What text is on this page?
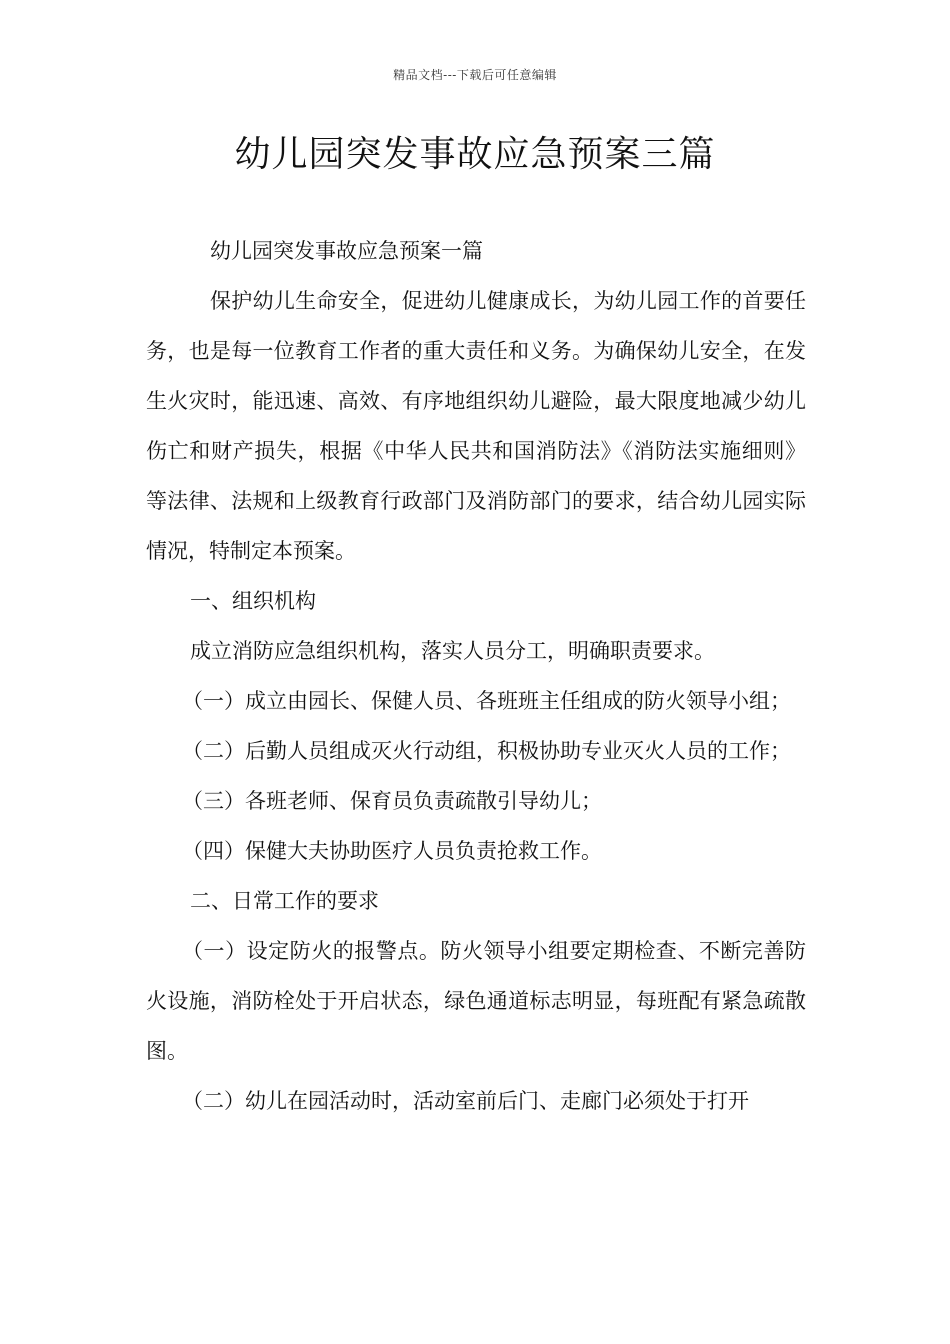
精品文档---下载后可任意编辑
幼儿园突发事故应急预案三篇

幼儿园突发事故应急预案一篇

保护幼儿生命安全，促进幼儿健康成长，为幼儿园工作的首要任务，也是每一位教育工作者的重大责任和义务。为确保幼儿安全，在发生火灾时，能迅速、高效、有序地组织幼儿避险，最大限度地减少幼儿伤亡和财产损失，根据《中华人民共和国消防法》《消防法实施细则》等法律、法规和上级教育行政部门及消防部门的要求，结合幼儿园实际情况，特制定本预案。

一、组织机构

成立消防应急组织机构，落实人员分工，明确职责要求。

（一）成立由园长、保健人员、各班班主任组成的防火领导小组；

（二）后勤人员组成灭火行动组，积极协助专业灭火人员的工作；

（三）各班老师、保育员负责疏散引导幼儿；

（四）保健大夫协助医疗人员负责抢救工作。

二、日常工作的要求

（一）设定防火的报警点。防火领导小组要定期检查、不断完善防火设施，消防栓处于开启状态，绿色通道标志明显，每班配有紧急疏散图。

（二）幼儿在园活动时，活动室前后门、走廊门必须处于打开
